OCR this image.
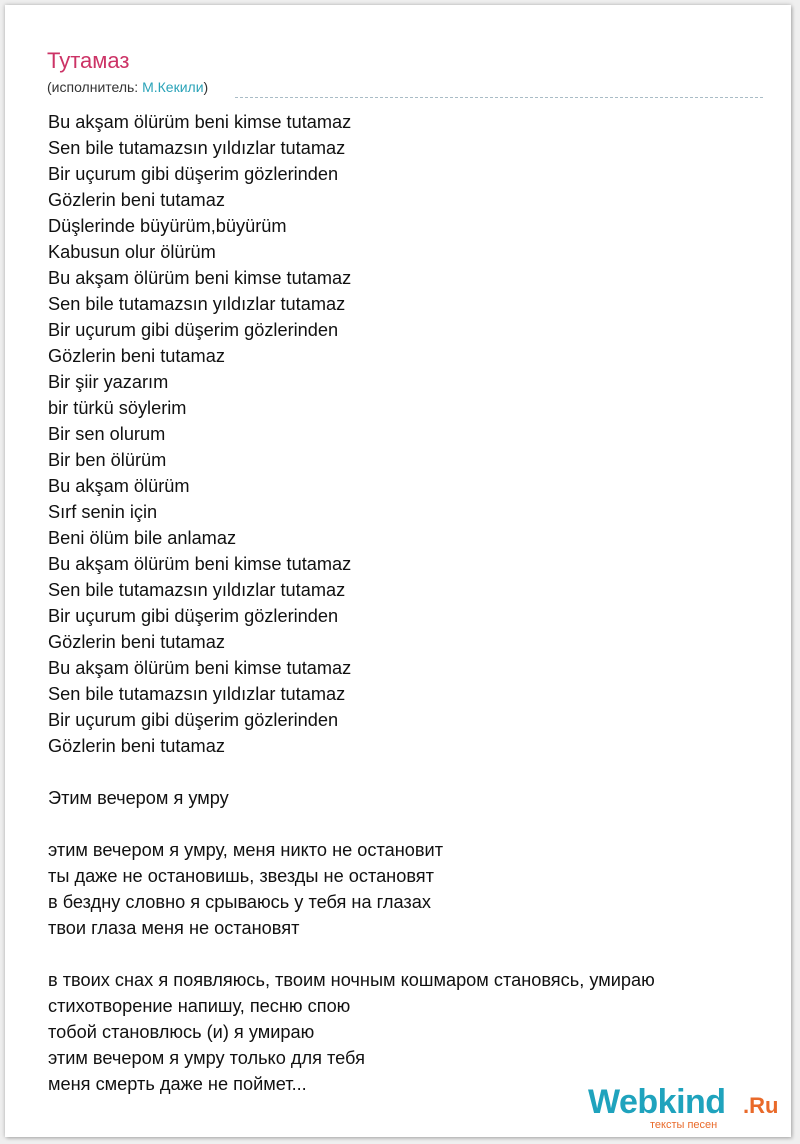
Тутамаз
(исполнитель: М.Кекили)
Bu akşam ölürüm beni kimse tutamaz
Sen bile tutamazsın yıldızlar tutamaz
Bir uçurum gibi düşerim gözlerinden
Gözlerin beni tutamaz
Düşlerinde büyürüm,büyürüm
Kabusun olur ölürüm
Bu akşam ölürüm beni kimse tutamaz
Sen bile tutamazsın yıldızlar tutamaz
Bir uçurum gibi düşerim gözlerinden
Gözlerin beni tutamaz
Bir şiir yazarım
bir türkü söylerim
Bir sen olurum
Bir ben ölürüm
Bu akşam ölürüm
Sırf senin için
Beni ölüm bile anlamaz
Bu akşam ölürüm beni kimse tutamaz
Sen bile tutamazsın yıldızlar tutamaz
Bir uçurum gibi düşerim gözlerinden
Gözlerin beni tutamaz
Bu akşam ölürüm beni kimse tutamaz
Sen bile tutamazsın yıldızlar tutamaz
Bir uçurum gibi düşerim gözlerinden
Gözlerin beni tutamaz
Этим вечером я умру
этим вечером я умру, меня никто не остановит
ты даже не остановишь, звезды не остановят
в бездну словно я срываюсь у тебя на глазах
твои глаза меня не остановят
в твоих снах я появляюсь, твоим ночным кошмаром становясь, умираю
стихотворение напишу, песню спою
тобой становлюсь (и) я умираю
этим вечером я умру только для тебя
меня смерть даже не поймет...	Webkind .Ru
тексты песен
